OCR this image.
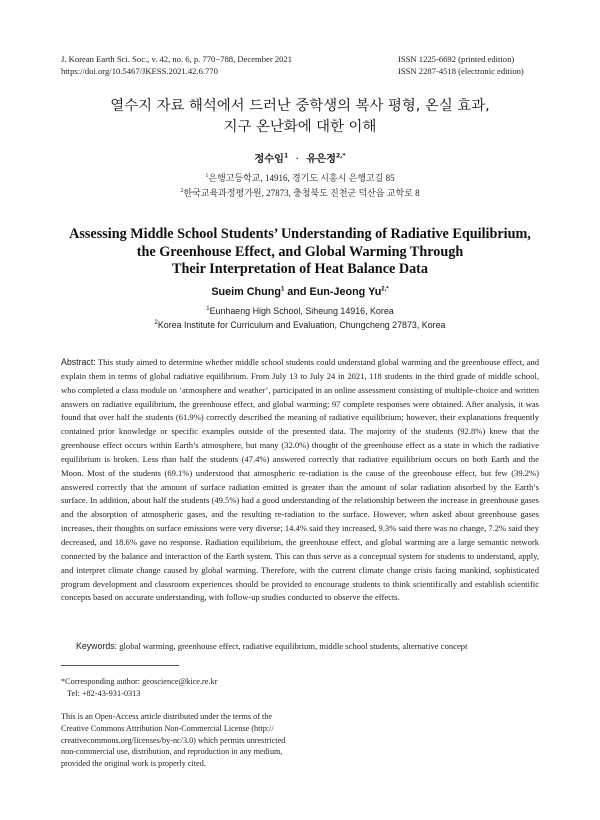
J. Korean Earth Sci. Soc., v. 42, no. 6, p. 770−788, December 2021
https://doi.org/10.5467/JKESS.2021.42.6.770
ISSN 1225-6692 (printed edition)
ISSN 2287-4518 (electronic edition)
열수지 자료 해석에서 드러난 중학생의 복사 평형, 온실 효과,
지구 온난화에 대한 이해
정수임$^1$ · 유은정$^{2,*}$
$^1$은행고등학교, 14916, 경기도 시흥시 은행고길 85
$^2$한국교육과정평가원, 27873, 충청북도 진천군 덕산읍 교학로 8
Assessing Middle School Students’ Understanding of Radiative Equilibrium,
the Greenhouse Effect, and Global Warming Through
Their Interpretation of Heat Balance Data
Sueim Chung$^1$ and Eun-Jeong $Yu^{2,*}$
$^1$Eunhaeng High School, Siheung 14916, Korea
$^2$Korea Institute for Curriculum and Evaluation, Chungcheng 27873, Korea
Abstract: This study aimed to determine whether middle school students could understand global warming and the greenhouse effect, and explain them in terms of global radiative equilibrium. From July 13 to July 24 in 2021, 118 students in the third grade of middle school, who completed a class module on ‘atmosphere and weather’, participated in an online assessment consisting of multiple-choice and written answers on radiative equilibrium, the greenhouse effect, and global warming; 97 complete responses were obtained. After analysis, it was found that over half the students (61.9%) correctly described the meaning of radiative equilibrium; however, their explanations frequently contained prior knowledge or specific examples outside of the presented data. The majority of the students (92.8%) knew that the greenhouse effect occurs within Earth’s atmosphere, but many (32.0%) thought of the greenhouse effect as a state in which the radiative equilibrium is broken. Less than half the students (47.4%) answered correctly that radiative equilibrium occurs on both Earth and the Moon. Most of the students (69.1%) understood that atmospheric re-radiation is the cause of the greenhouse effect, but few (39.2%) answered correctly that the amount of surface radiation emitted is greater than the amount of solar radiation absorbed by the Earth’s surface. In addition, about half the students (49.5%) had a good understanding of the relationship between the increase in greenhouse gases and the absorption of atmospheric gases, and the resulting re-radiation to the surface. However, when asked about greenhouse gases increases, their thoughts on surface emissions were very diverse; 14.4% said they increased, 9.3% said there was no change, 7.2% said they decreased, and 18.6% gave no response. Radiation equilibrium, the greenhouse effect, and global warming are a large semantic network connected by the balance and interaction of the Earth system. This can thus serve as a conceptual system for students to understand, apply, and interpret climate change caused by global warming. Therefore, with the current climate change crisis facing mankind, sophisticated program development and classroom experiences should be provided to encourage students to think scientifically and establish scientific concepts based on accurate understanding, with follow-up studies conducted to observe the effects.
Keywords: global warming, greenhouse effect, radiative equilibrium, middle school students, alternative concept
*Corresponding author: geoscience@kice.re.kr
Tel: +82-43-931-0313
This is an Open-Access article distributed under the terms of the
Creative Commons Attribution Non-Commercial License (http://
creativecommons.org/licenses/by-nc/3.0) which permits unrestricted
non-commercial use, distribution, and reproduction in any medium,
provided the original work is properly cited.
